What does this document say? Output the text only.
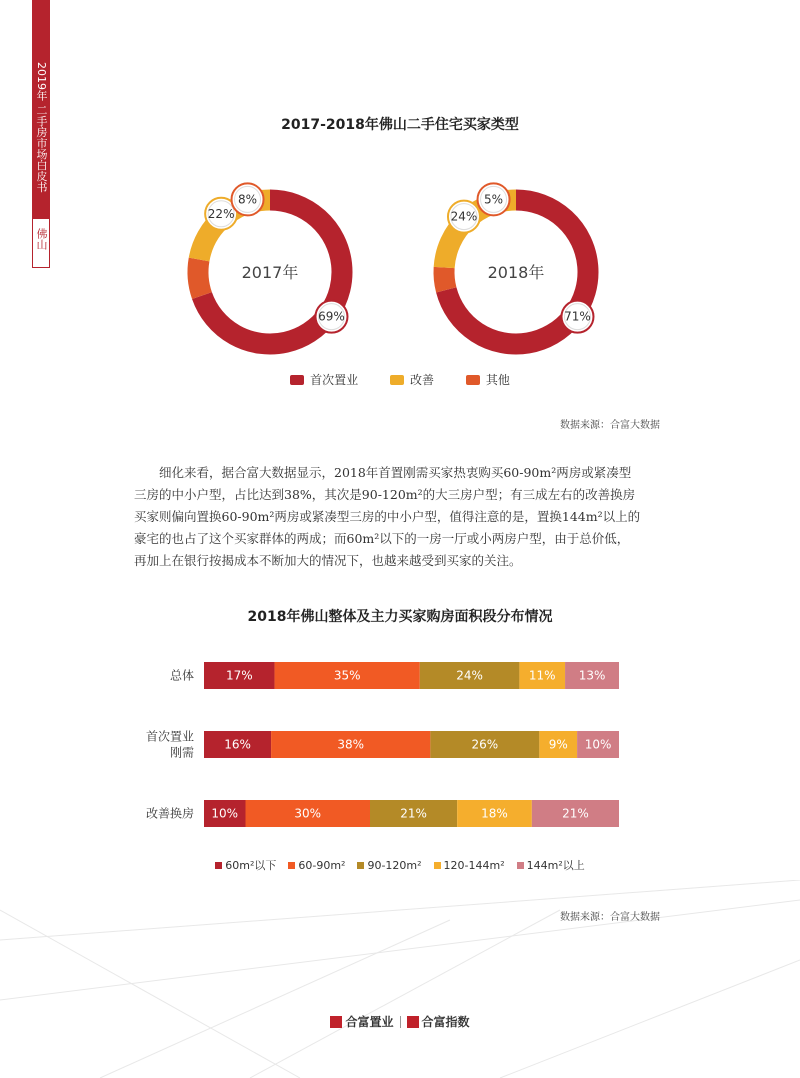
2019年 二手房市场白皮书
佛山
2017-2018年佛山二手住宅买家类型
2017年
69%
22%
8%
2018年
71%
24%
5%
首次置业	改善	其他
数据来源：合富大数据
细化来看，据合富大数据显示，2018年首置刚需买家热衷购买60-90m²两房或紧凑型
三房的中小户型，占比达到38%，其次是90-120m²的大三房户型；有三成左右的改善换房
买家则偏向置换60-90m²两房或紧凑型三房的中小户型，值得注意的是，置换144m²以上的
豪宅的也占了这个买家群体的两成；而60m²以下的一房一厅或小两房户型，由于总价低，
再加上在银行按揭成本不断加大的情况下，也越来越受到买家的关注。
2018年佛山整体及主力买家购房面积段分布情况
总体	17%	35%	24%	11% 13%
首次置业
刚需
16%	38%	26%	9% 10%
改善换房 10%	30%	21%	18%	21%
60m²以下 60-90m² 90-120m² 120-144m² 144m²以上
数据来源：合富大数据
合富置业 合富指数
